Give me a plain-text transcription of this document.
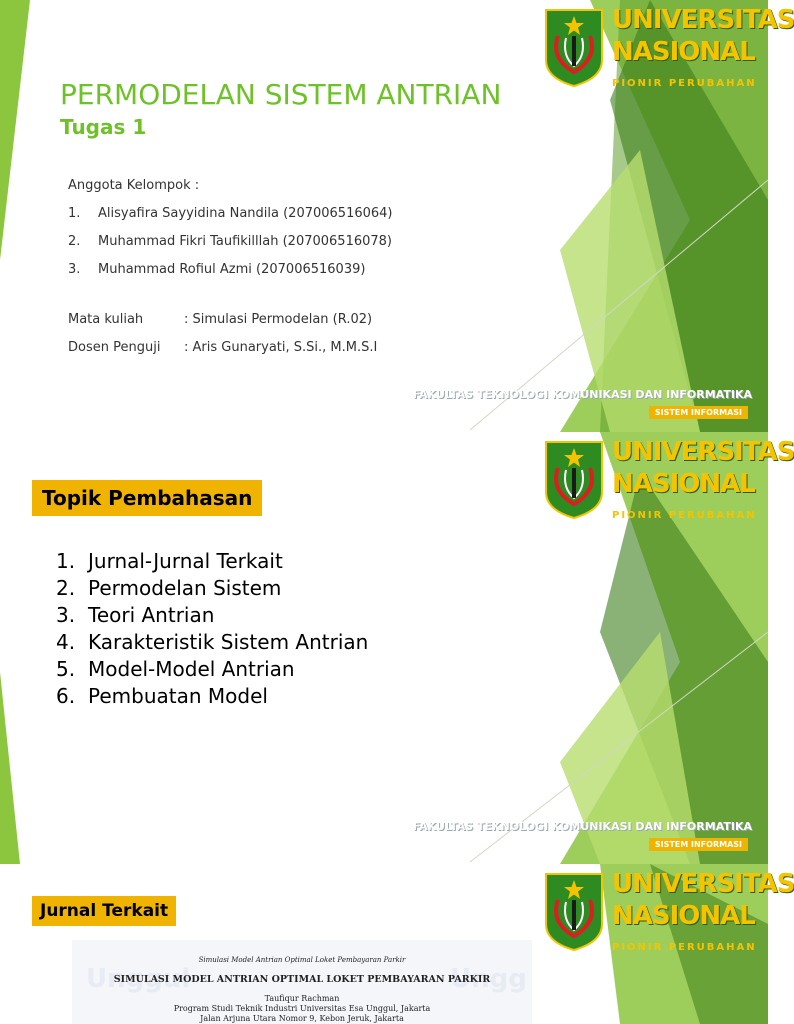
UNIVERSITAS
NASIONAL
PIONIR PERUBAHAN
PERMODELAN SISTEM ANTRIAN
Tugas 1
Anggota Kelompok :
1. Alisyafira Sayyidina Nandila (207006516064)
2. Muhammad Fikri Taufikilllah (207006516078)
3. Muhammad Rofiul Azmi (207006516039)
Mata kuliah	: Simulasi Permodelan (R.02)
Dosen Penguji : Aris Gunaryati, S.Si., M.M.S.I
FAKULTAS TEKNOLOGI KOMUNIKASI DAN INFORMATIKA
SISTEM INFORMASI
UNIVERSITAS
NASIONAL
PIONIR PERUBAHAN
Topik Pembahasan
1. Jurnal-Jurnal Terkait
2. Permodelan Sistem
3. Teori Antrian
4. Karakteristik Sistem Antrian
5. Model-Model Antrian
6. Pembuatan Model
FAKULTAS TEKNOLOGI KOMUNIKASI DAN INFORMATIKA
SISTEM INFORMASI
UNIVERSITAS
NASIONAL
PIONIR PERUBAHAN
Jurnal Terkait
Unggul	Ungg
Simulasi Model Antrian Optimal Loket Pembayaran Parkir
SIMULASI MODEL ANTRIAN OPTIMAL LOKET PEMBAYARAN PARKIR
Taufiqur Rachman
Program Studi Teknik Industri Universitas Esa Unggul, Jakarta
Jalan Arjuna Utara Nomor 9, Kebon Jeruk, Jakarta
